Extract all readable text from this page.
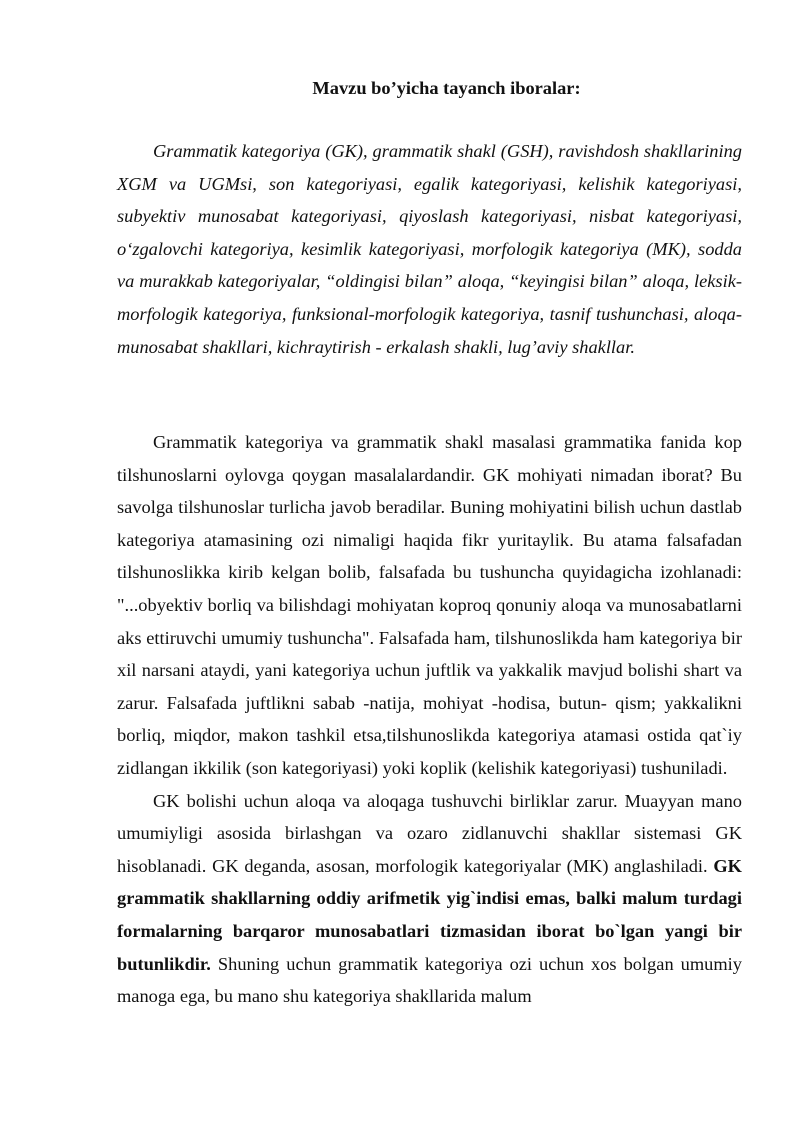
Mavzu bo’yicha tayanch iboralar:

Grammatik kategoriya (GK), grammatik shakl (GSH), ravishdosh shakllarining XGM va UGMsi, son kategoriyasi, egalik kategoriyasi, kelishik kategoriyasi, subyektiv munosabat kategoriyasi, qiyoslash kategoriyasi, nisbat kategoriyasi, o‘zgalovchi kategoriya, kesimlik kategoriyasi, morfologik kategoriya (MK), sodda va murakkab kategoriyalar, “oldingisi bilan” aloqa, “keyingisi bilan” aloqa, leksik-morfologik kategoriya, funksional-morfologik kategoriya, tasnif tushunchasi, aloqa-munosabat shakllari, kichraytirish - erkalash shakli, lug’aviy shakllar.

Grammatik kategoriya va grammatik shakl masalasi grammatika fanida kop tilshunoslarni oylovga qoygan masalalardandir. GK mohiyati nimadan iborat? Bu savolga tilshunoslar turlicha javob beradilar. Buning mohiyatini bilish uchun dastlab kategoriya atamasining ozi nimaligi haqida fikr yuritaylik. Bu atama falsafadan tilshunoslikka kirib kelgan bolib, falsafada bu tushuncha quyidagicha izohlanadi: "...obyektiv borliq va bilishdagi mohiyatan koproq qonuniy aloqa va munosabatlarni aks ettiruvchi umumiy tushuncha". Falsafada ham, tilshunoslikda ham kategoriya bir xil narsani ataydi, yani kategoriya uchun juftlik va yakkalik mavjud bolishi shart va zarur. Falsafada juftlikni sabab -natija, mohiyat -hodisa, butun- qism; yakkalikni borliq, miqdor, makon tashkil etsa,tilshunoslikda kategoriya atamasi ostida qat`iy zidlangan ikkilik (son kategoriyasi) yoki koplik (kelishik kategoriyasi) tushuniladi.

GK bolishi uchun aloqa va aloqaga tushuvchi birliklar zarur. Muayyan mano umumiyligi asosida birlashgan va ozaro zidlanuvchi shakllar sistemasi GK hisoblanadi. GK deganda, asosan, morfologik kategoriyalar (MK) anglashiladi. GK grammatik shakllarning oddiy arifmetik yig`indisi emas, balki malum turdagi formalarning barqaror munosabatlari tizmasidan iborat bo`lgan yangi bir butunlikdir. Shuning uchun grammatik kategoriya ozi uchun xos bolgan umumiy manoga ega, bu mano shu kategoriya shakllarida malum
